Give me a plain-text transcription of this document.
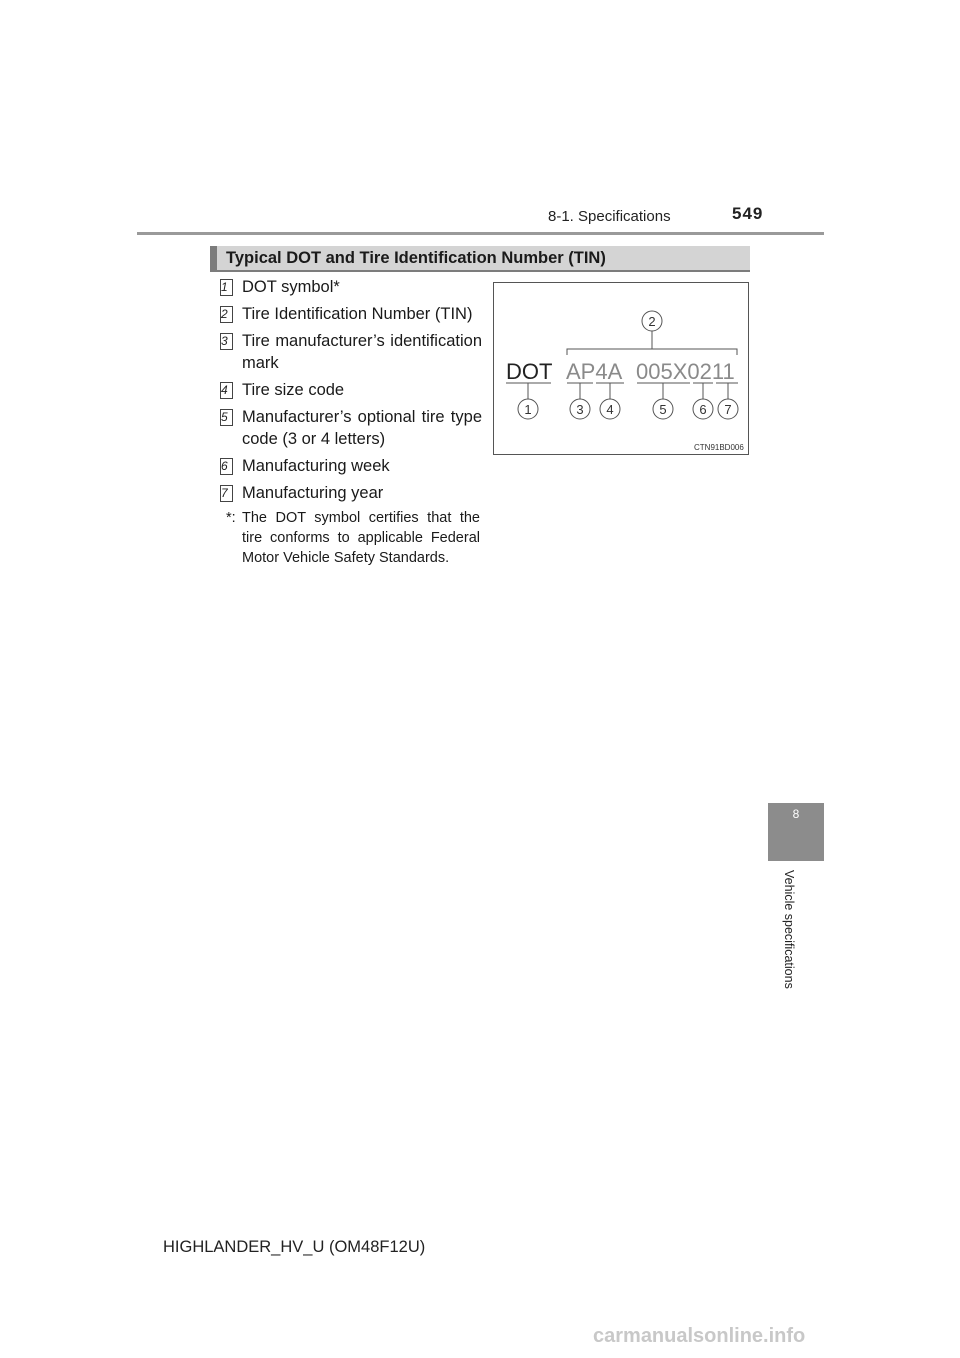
8-1. Specifications	549
Typical DOT and Tire Identification Number (TIN)
1 DOT symbol*
2 Tire Identification Number (TIN)
3 Tire manufacturer’s identification mark
4 Tire size code
5 Manufacturer’s optional tire type code (3 or 4 letters)
6 Manufacturing week
7 Manufacturing year
*: The DOT symbol certifies that the tire conforms to applicable Federal Motor Vehicle Safety Standards.
2
DOT AP4A 005X0211
1	3 4	5	6 7
CTN91BD006
8
Vehicle specifications
HIGHLANDER_HV_U (OM48F12U)
carmanualsonline.info
